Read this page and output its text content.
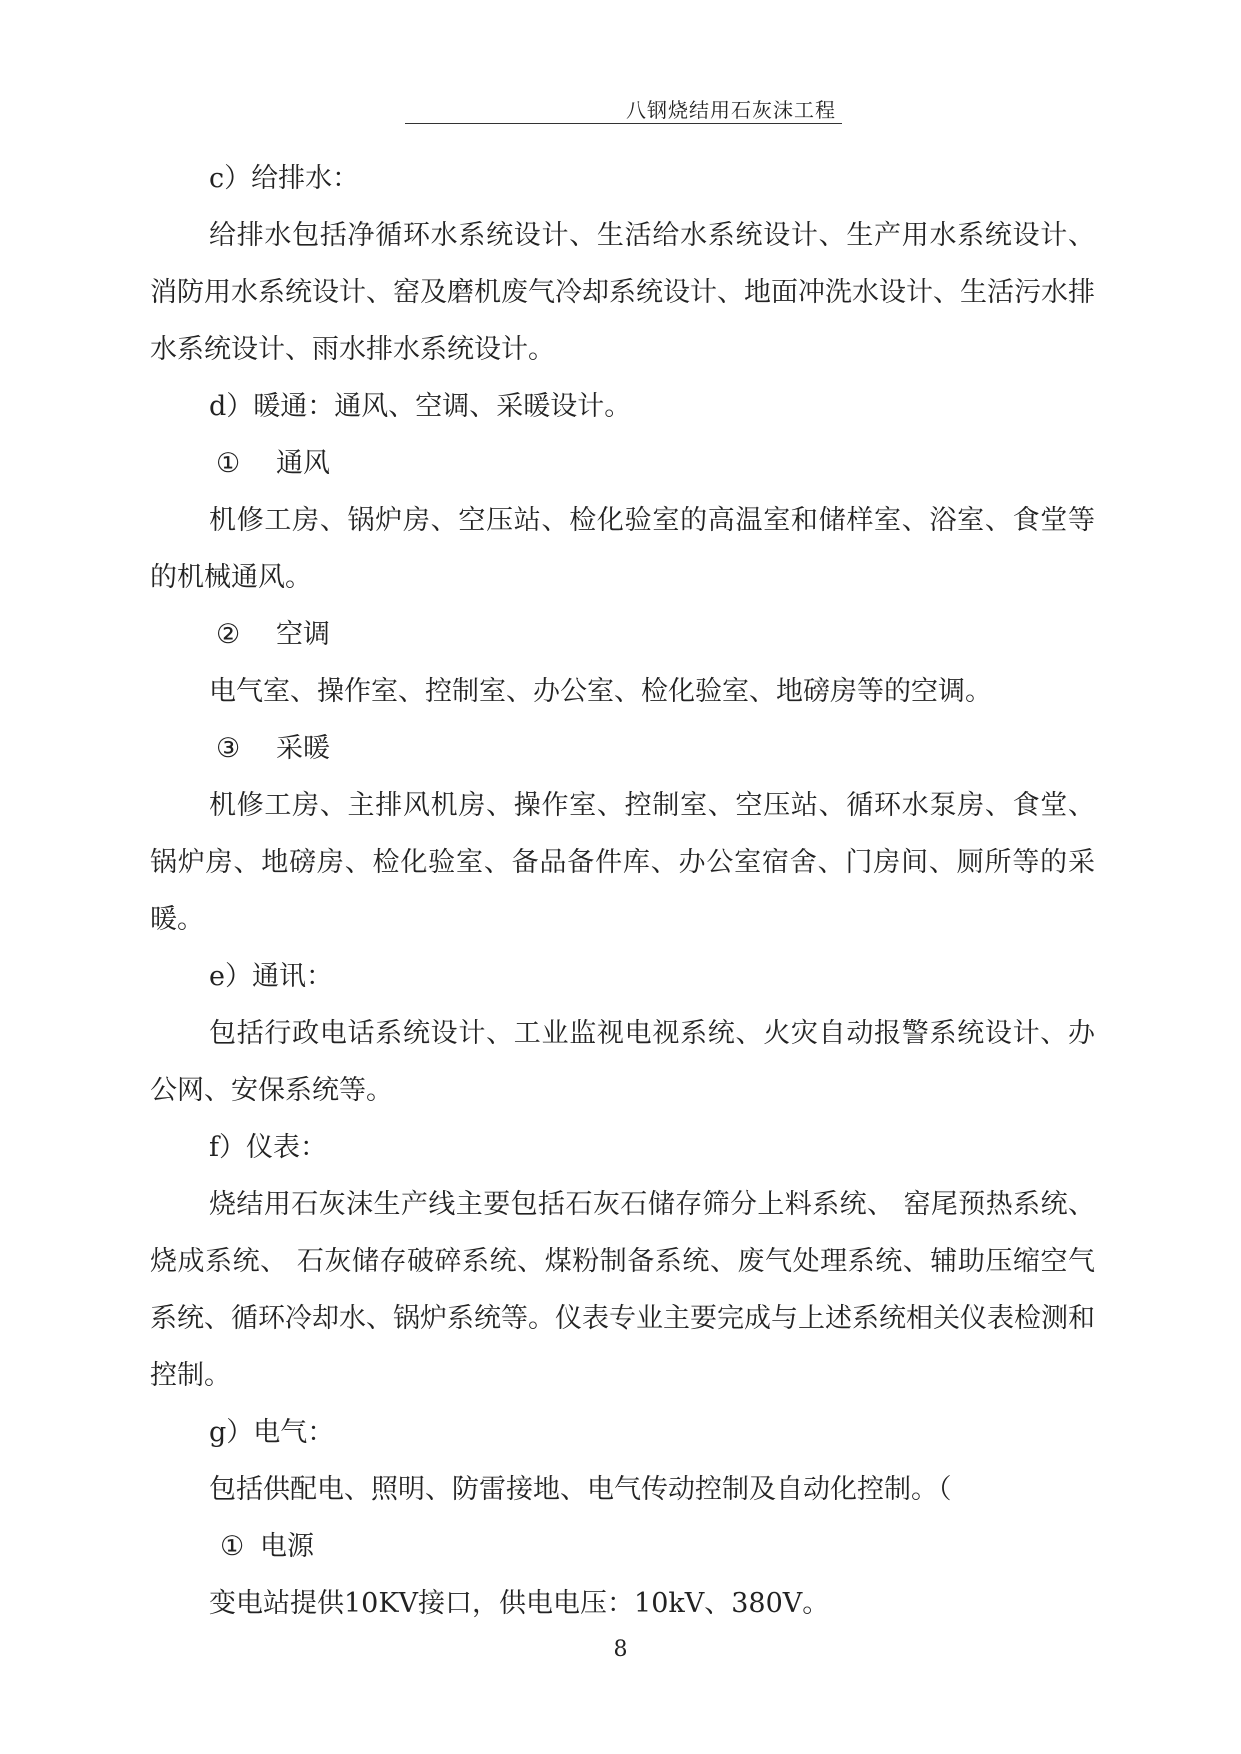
八钢烧结用石灰沫工程

c）给排水：

给排水包括净循环水系统设计、生活给水系统设计、生产用水系统设计、消防用水系统设计、窑及磨机废气冷却系统设计、地面冲洗水设计、生活污水排水系统设计、雨水排水系统设计。

d）暖通：通风、空调、采暖设计。

① 通风

机修工房、锅炉房、空压站、检化验室的高温室和储样室、浴室、食堂等的机械通风。

② 空调

电气室、操作室、控制室、办公室、检化验室、地磅房等的空调。

③ 采暖

机修工房、主排风机房、操作室、控制室、空压站、循环水泵房、食堂、锅炉房、地磅房、检化验室、备品备件库、办公室宿舍、门房间、厕所等的采暖。

e）通讯：

包括行政电话系统设计、工业监视电视系统、火灾自动报警系统设计、办公网、安保系统等。

f）仪表：

烧结用石灰沫生产线主要包括石灰石储存筛分上料系统、 窑尾预热系统、烧成系统、 石灰储存破碎系统、煤粉制备系统、废气处理系统、辅助压缩空气系统、循环冷却水、锅炉系统等。仪表专业主要完成与上述系统相关仪表检测和控制。

g）电气：

包括供配电、照明、防雷接地、电气传动控制及自动化控制。（

① 电源

变电站提供10KV接口，供电电压：10kV、380V。

8
